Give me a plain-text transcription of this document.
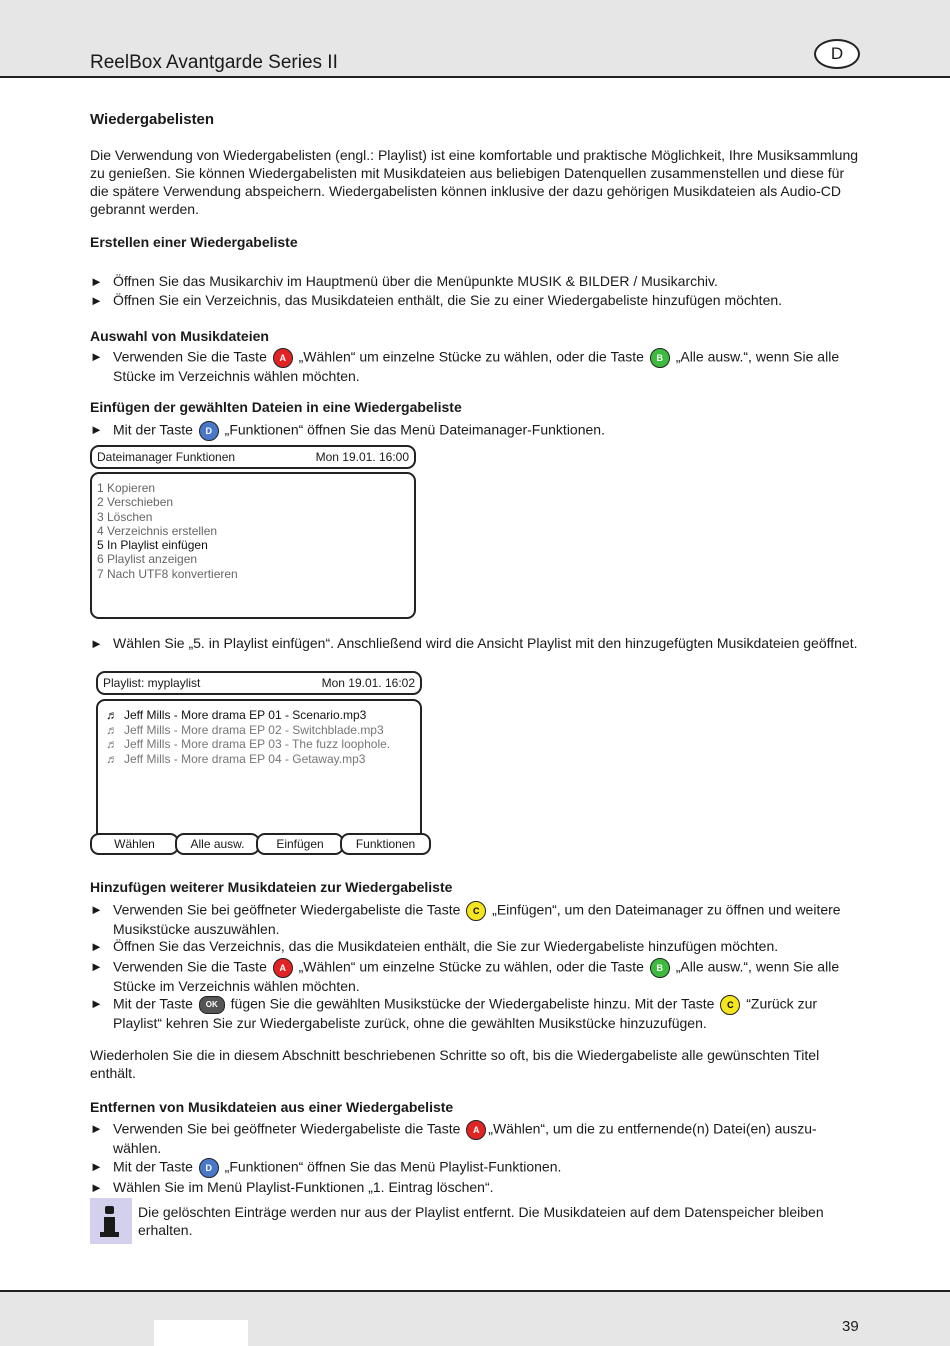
ReelBox Avantgarde Series II	D
Wiedergabelisten
Die Verwendung von Wiedergabelisten (engl.: Playlist) ist eine komfortable und praktische Möglichkeit, Ihre Musiksammlung zu genießen. Sie können Wiedergabelisten mit Musikdateien aus beliebigen Datenquellen zusammenstellen und diese für die spätere Verwendung abspeichern. Wiedergabelisten können inklusive der dazu gehörigen Musikdateien als Audio-CD gebrannt werden.
Erstellen einer Wiedergabeliste
► Öffnen Sie das Musikarchiv im Hauptmenü über die Menüpunkte MUSIK & BILDER / Musikarchiv.
► Öffnen Sie ein Verzeichnis, das Musikdateien enthält, die Sie zu einer Wiedergabeliste hinzufügen möchten.
Auswahl von Musikdateien
► Verwenden Sie die Taste A „Wählen“ um einzelne Stücke zu wählen, oder die Taste B „Alle ausw.“, wenn Sie alle Stücke im Verzeichnis wählen möchten.
Einfügen der gewählten Dateien in eine Wiedergabeliste
► Mit der Taste D „Funktionen“ öffnen Sie das Menü Dateimanager-Funktionen.
Dateimanager Funktionen	Mon 19.01. 16:00
1 Kopieren
2 Verschieben
3 Löschen
4 Verzeichnis erstellen
5 In Playlist einfügen
6 Playlist anzeigen
7 Nach UTF8 konvertieren
► Wählen Sie „5. in Playlist einfügen“. Anschließend wird die Ansicht Playlist mit den hinzugefügten Musikdateien geöffnet.
Playlist: myplaylist	Mon 19.01. 16:02
♬ Jeff Mills - More drama EP 01 - Scenario.mp3
♬ Jeff Mills - More drama EP 02 - Switchblade.mp3
♬ Jeff Mills - More drama EP 03 - The fuzz loophole.
♬ Jeff Mills - More drama EP 04 - Getaway.mp3
Wählen	Alle ausw.	Einfügen	Funktionen
Hinzufügen weiterer Musikdateien zur Wiedergabeliste
► Verwenden Sie bei geöffneter Wiedergabeliste die Taste C „Einfügen“, um den Dateimanager zu öffnen und weitere Musikstücke auszuwählen.
► Öffnen Sie das Verzeichnis, das die Musikdateien enthält, die Sie zur Wiedergabeliste hinzufügen möchten.
► Verwenden Sie die Taste A „Wählen“ um einzelne Stücke zu wählen, oder die Taste B „Alle ausw.“, wenn Sie alle Stücke im Verzeichnis wählen möchten.
► Mit der Taste OK fügen Sie die gewählten Musikstücke der Wiedergabeliste hinzu. Mit der Taste C “Zurück zur Playlist“ kehren Sie zur Wiedergabeliste zurück, ohne die gewählten Musikstücke hinzuzufügen.
Wiederholen Sie die in diesem Abschnitt beschriebenen Schritte so oft, bis die Wiedergabeliste alle gewünschten Titel enthält.
Entfernen von Musikdateien aus einer Wiedergabeliste
► Verwenden Sie bei geöffneter Wiedergabeliste die Taste A „Wählen“, um die zu entfernende(n) Datei(en) auszuwählen.
► Mit der Taste D „Funktionen“ öffnen Sie das Menü Playlist-Funktionen.
► Wählen Sie im Menü Playlist-Funktionen „1. Eintrag löschen“.
Die gelöschten Einträge werden nur aus der Playlist entfernt. Die Musikdateien auf dem Datenspeicher bleiben erhalten.
39
